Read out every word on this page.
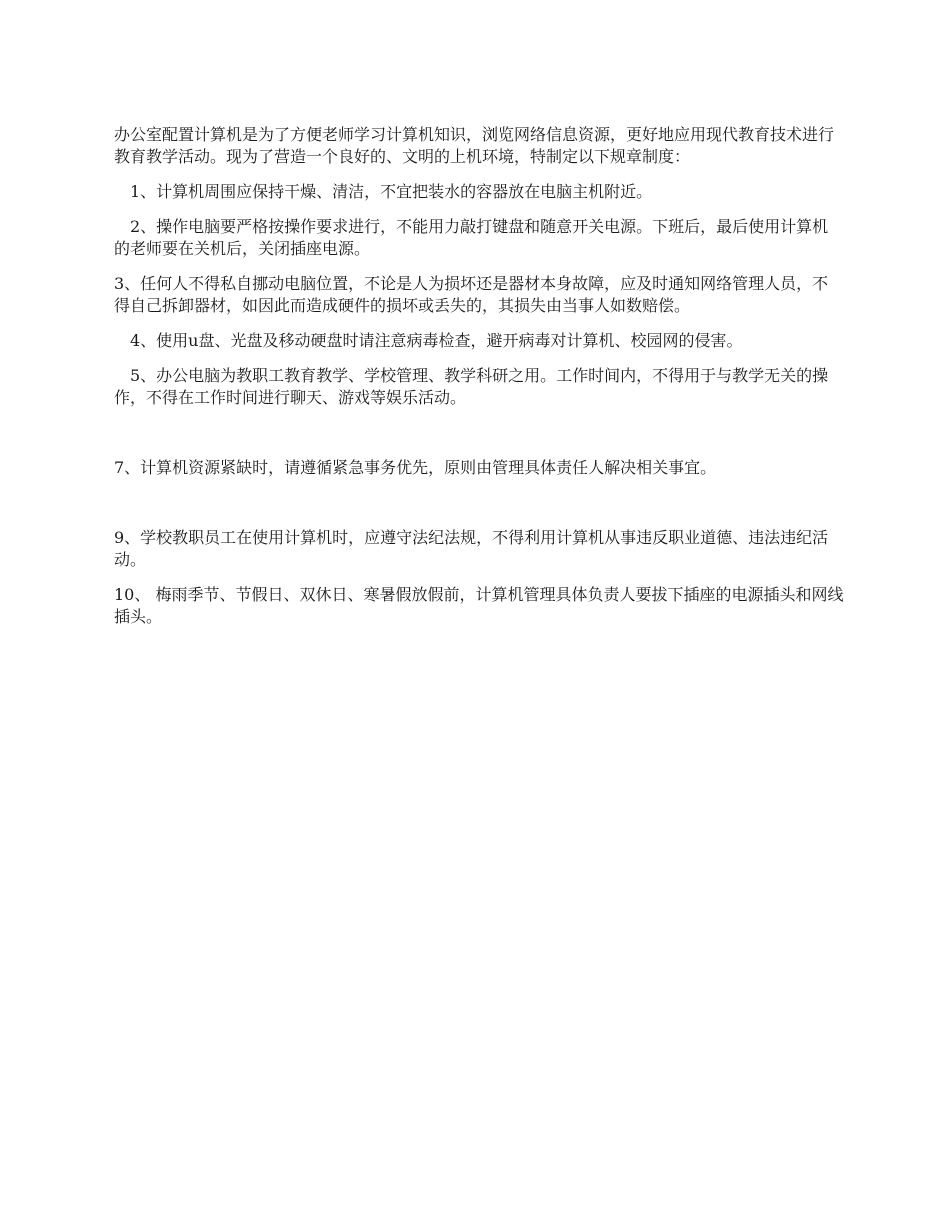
办公室配置计算机是为了方便老师学习计算机知识，浏览网络信息资源，更好地应用现代教育技术进行教育教学活动。现为了营造一个良好的、文明的上机环境，特制定以下规章制度：

1、计算机周围应保持干燥、清洁，不宜把装水的容器放在电脑主机附近。

2、操作电脑要严格按操作要求进行，不能用力敲打键盘和随意开关电源。下班后，最后使用计算机的老师要在关机后，关闭插座电源。

3、任何人不得私自挪动电脑位置，不论是人为损坏还是器材本身故障，应及时通知网络管理人员，不得自己拆卸器材，如因此而造成硬件的损坏或丢失的，其损失由当事人如数赔偿。

4、使用u盘、光盘及移动硬盘时请注意病毒检查，避开病毒对计算机、校园网的侵害。

5、办公电脑为教职工教育教学、学校管理、教学科研之用。工作时间内，不得用于与教学无关的操作，不得在工作时间进行聊天、游戏等娱乐活动。

7、计算机资源紧缺时，请遵循紧急事务优先，原则由管理具体责任人解决相关事宜。

9、学校教职员工在使用计算机时，应遵守法纪法规，不得利用计算机从事违反职业道德、违法违纪活动。

10、 梅雨季节、节假日、双休日、寒暑假放假前，计算机管理具体负责人要拔下插座的电源插头和网线插头。
